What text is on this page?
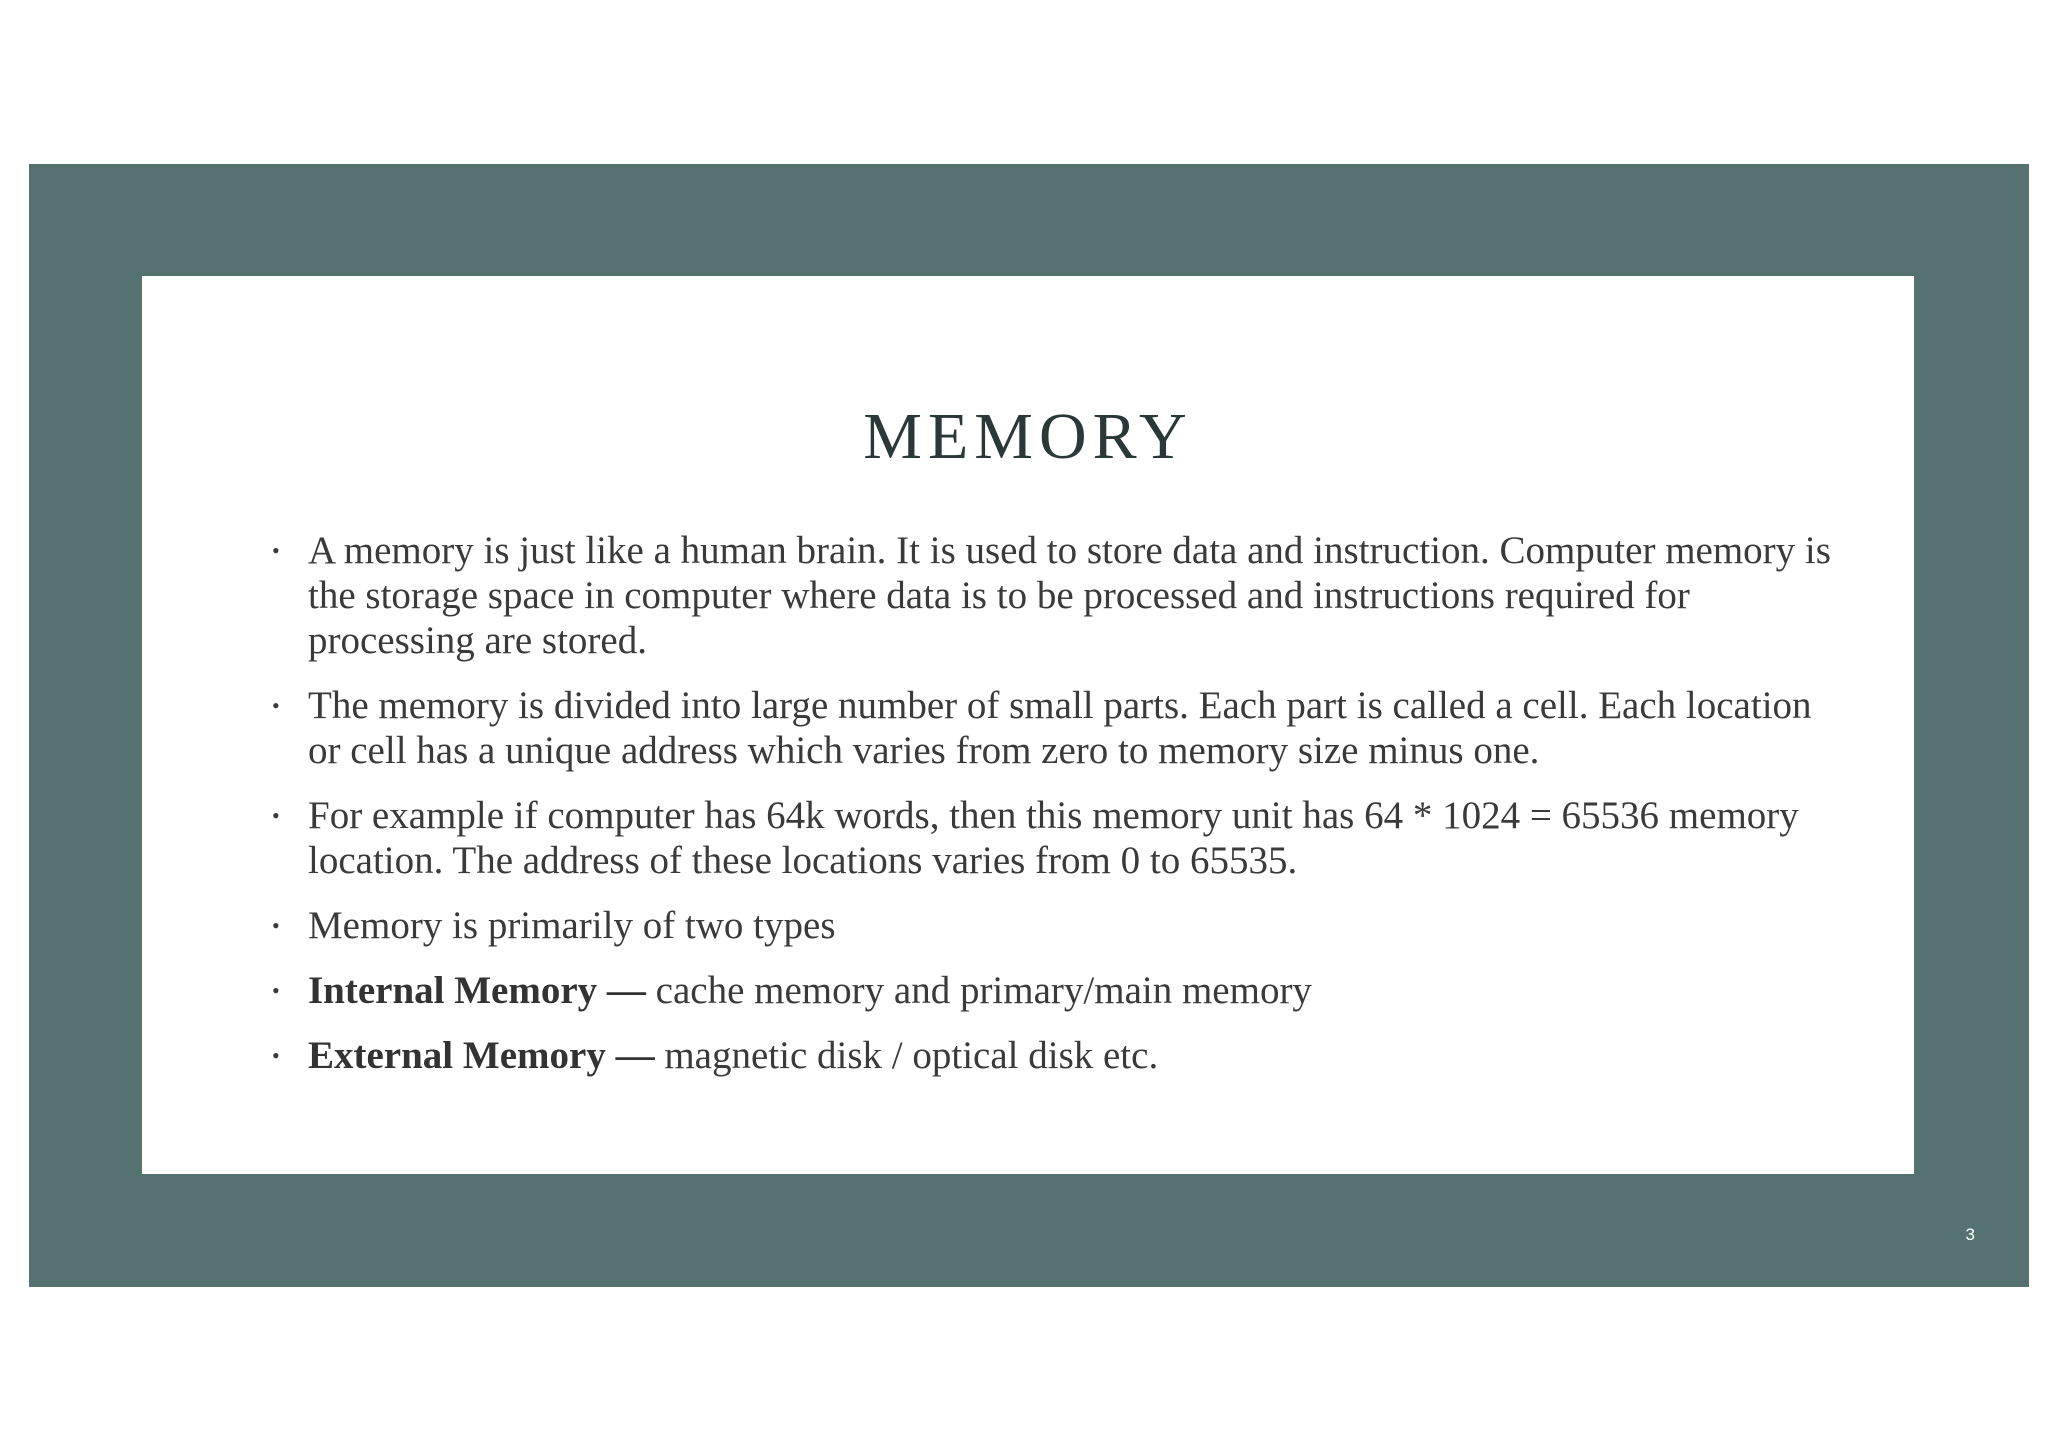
MEMORY
• A memory is just like a human brain. It is used to store data and instruction. Computer memory is the storage space in computer where data is to be processed and instructions required for processing are stored.
• The memory is divided into large number of small parts. Each part is called a cell. Each location or cell has a unique address which varies from zero to memory size minus one.
• For example if computer has 64k words, then this memory unit has 64 * 1024 = 65536 memory location. The address of these locations varies from 0 to 65535.
• Memory is primarily of two types
• Internal Memory — cache memory and primary/main memory
• External Memory — magnetic disk / optical disk etc.
3
